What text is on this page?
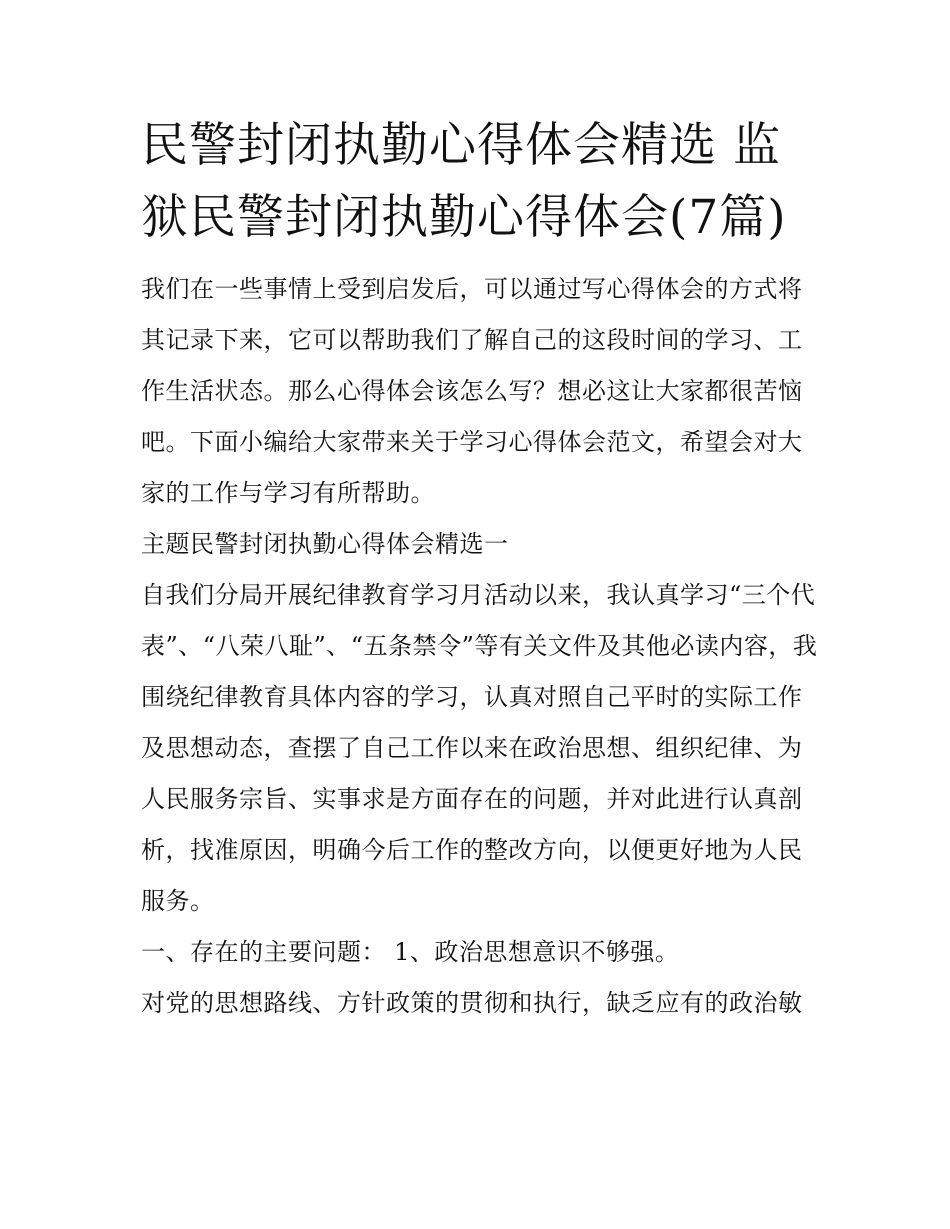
民警封闭执勤心得体会精选 监狱民警封闭执勤心得体会(7篇)

我们在一些事情上受到启发后，可以通过写心得体会的方式将其记录下来，它可以帮助我们了解自己的这段时间的学习、工作生活状态。那么心得体会该怎么写？想必这让大家都很苦恼吧。下面小编给大家带来关于学习心得体会范文，希望会对大家的工作与学习有所帮助。

主题民警封闭执勤心得体会精选一

自我们分局开展纪律教育学习月活动以来，我认真学习“三个代表”、“八荣八耻”、“五条禁令”等有关文件及其他必读内容，我围绕纪律教育具体内容的学习，认真对照自己平时的实际工作及思想动态，查摆了自己工作以来在政治思想、组织纪律、为人民服务宗旨、实事求是方面存在的问题，并对此进行认真剖析，找准原因，明确今后工作的整改方向，以便更好地为人民服务。

一、存在的主要问题： 1、政治思想意识不够强。

对党的思想路线、方针政策的贯彻和执行，缺乏应有的政治敏
